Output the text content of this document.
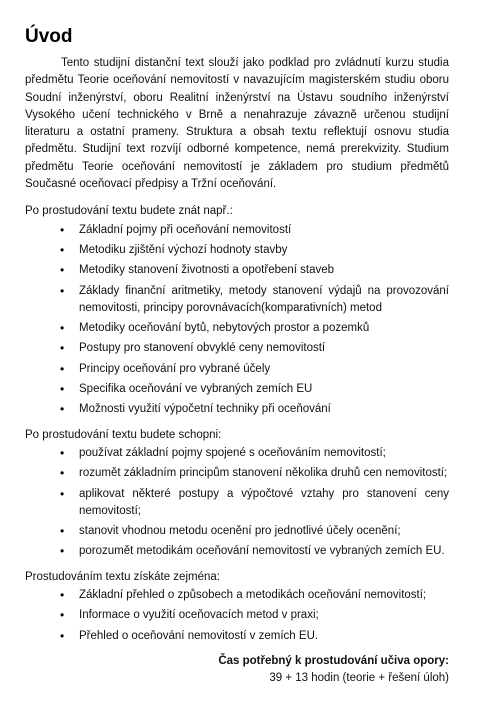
Úvod

Tento studijní distanční text slouží jako podklad pro zvládnutí kurzu studia předmětu Teorie oceňování nemovitostí v navazujícím magisterském studiu oboru Soudní inženýrství, oboru Realitní inženýrství na Ústavu soudního inženýrství Vysokého učení technického v Brně a nenahrazuje závazně určenou studijní literaturu a ostatní prameny. Struktura a obsah textu reflektují osnovu studia předmětu. Studijní text rozvíjí odborné kompetence, nemá prerekvizity. Studium předmětu Teorie oceňování nemovitostí je základem pro studium předmětů Současné oceňovací předpisy a Tržní oceňování.

Po prostudování textu budete znát např.:

• Základní pojmy při oceňování nemovitostí
• Metodiku zjištění výchozí hodnoty stavby
• Metodiky stanovení životnosti a opotřebení staveb
• Základy finanční aritmetiky, metody stanovení výdajů na provozování nemovitosti, principy porovnávacích(komparativních) metod
• Metodiky oceňování bytů, nebytových prostor a pozemků
• Postupy pro stanovení obvyklé ceny nemovitostí
• Principy oceňování pro vybrané účely
• Specifika oceňování ve vybraných zemích EU
• Možnosti využití výpočetní techniky při oceňování

Po prostudování textu budete schopni:

• používat základní pojmy spojené s oceňováním nemovitostí;
• rozumět základním principům stanovení několika druhů cen nemovitostí;
• aplikovat některé postupy a výpočtové vztahy pro stanovení ceny nemovitostí;
• stanovit vhodnou metodu ocenění pro jednotlivé účely ocenění;
• porozumět metodikám oceňování nemovitostí ve vybraných zemích EU.

Prostudováním textu získáte zejména:

• Základní přehled o způsobech a metodikách oceňování nemovitostí;
• Informace o využití oceňovacích metod v praxi;
• Přehled o oceňování nemovitostí v zemích EU.
Čas potřebný k prostudování učiva opory:
39 + 13 hodin (teorie + řešení úloh)
